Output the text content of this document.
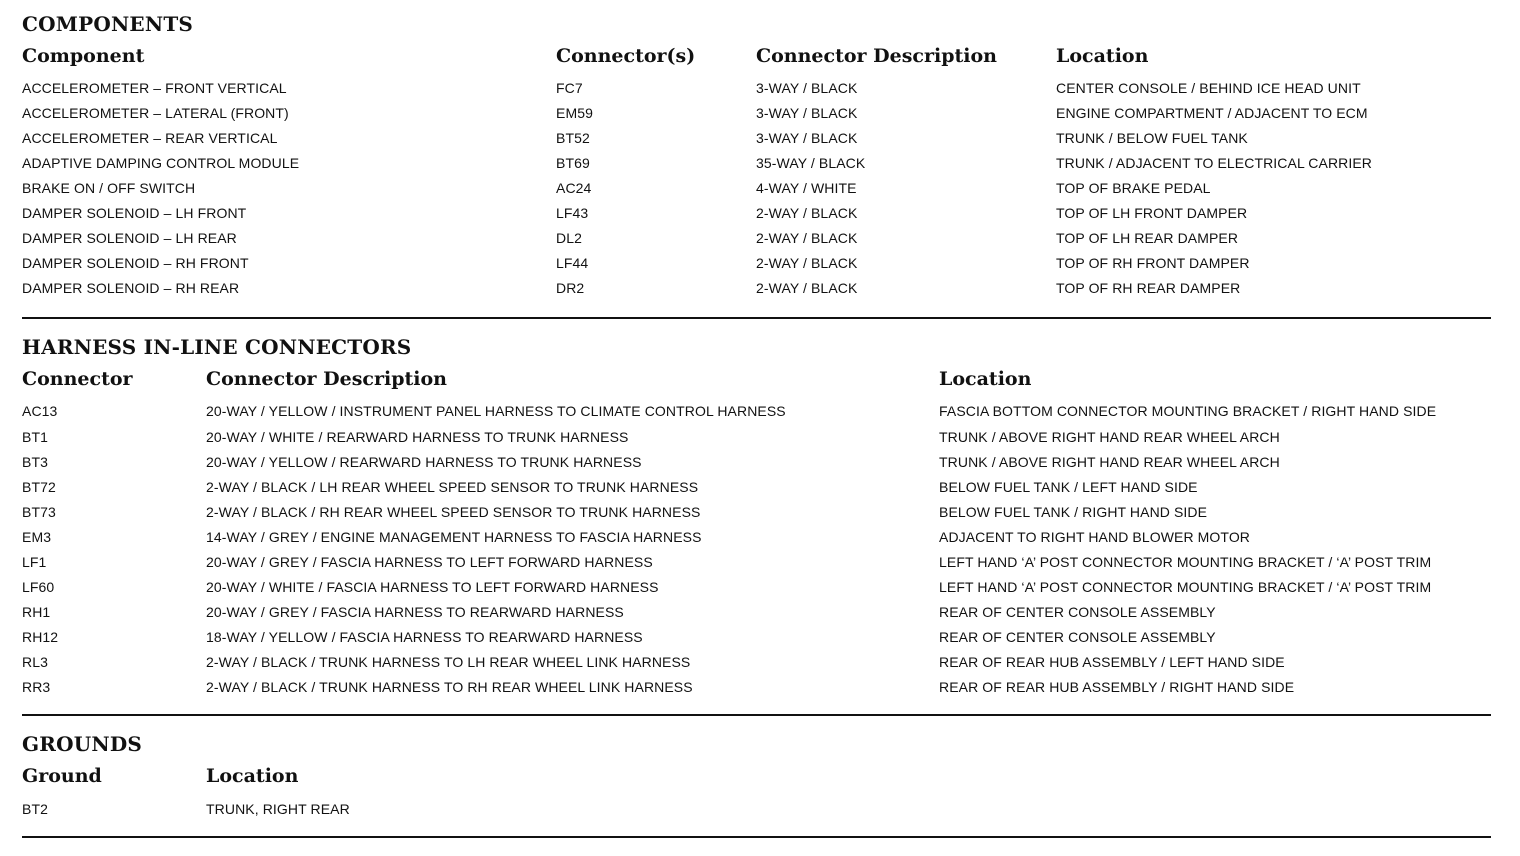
COMPONENTS
Component	Connector(s)	Connector Description	Location
ACCELEROMETER – FRONT VERTICAL	FC7	3-WAY / BLACK	CENTER CONSOLE / BEHIND ICE HEAD UNIT
ACCELEROMETER – LATERAL (FRONT)	EM59	3-WAY / BLACK	ENGINE COMPARTMENT / ADJACENT TO ECM
ACCELEROMETER – REAR VERTICAL	BT52	3-WAY / BLACK	TRUNK / BELOW FUEL TANK
ADAPTIVE DAMPING CONTROL MODULE	BT69	35-WAY / BLACK	TRUNK / ADJACENT TO ELECTRICAL CARRIER
BRAKE ON / OFF SWITCH	AC24	4-WAY / WHITE	TOP OF BRAKE PEDAL
DAMPER SOLENOID – LH FRONT	LF43	2-WAY / BLACK	TOP OF LH FRONT DAMPER
DAMPER SOLENOID – LH REAR	DL2	2-WAY / BLACK	TOP OF LH REAR DAMPER
DAMPER SOLENOID – RH FRONT	LF44	2-WAY / BLACK	TOP OF RH FRONT DAMPER
DAMPER SOLENOID – RH REAR	DR2	2-WAY / BLACK	TOP OF RH REAR DAMPER
HARNESS IN-LINE CONNECTORS
Connector	Connector Description	Location
AC13	20-WAY / YELLOW / INSTRUMENT PANEL HARNESS TO CLIMATE CONTROL HARNESS	FASCIA BOTTOM CONNECTOR MOUNTING BRACKET / RIGHT HAND SIDE
BT1	20-WAY / WHITE / REARWARD HARNESS TO TRUNK HARNESS	TRUNK / ABOVE RIGHT HAND REAR WHEEL ARCH
BT3	20-WAY / YELLOW / REARWARD HARNESS TO TRUNK HARNESS	TRUNK / ABOVE RIGHT HAND REAR WHEEL ARCH
BT72	2-WAY / BLACK / LH REAR WHEEL SPEED SENSOR TO TRUNK HARNESS	BELOW FUEL TANK / LEFT HAND SIDE
BT73	2-WAY / BLACK / RH REAR WHEEL SPEED SENSOR TO TRUNK HARNESS	BELOW FUEL TANK / RIGHT HAND SIDE
EM3	14-WAY / GREY / ENGINE MANAGEMENT HARNESS TO FASCIA HARNESS	ADJACENT TO RIGHT HAND BLOWER MOTOR
LF1	20-WAY / GREY / FASCIA HARNESS TO LEFT FORWARD HARNESS	LEFT HAND ‘A’ POST CONNECTOR MOUNTING BRACKET / ‘A’ POST TRIM
LF60	20-WAY / WHITE / FASCIA HARNESS TO LEFT FORWARD HARNESS	LEFT HAND ‘A’ POST CONNECTOR MOUNTING BRACKET / ‘A’ POST TRIM
RH1	20-WAY / GREY / FASCIA HARNESS TO REARWARD HARNESS	REAR OF CENTER CONSOLE ASSEMBLY
RH12	18-WAY / YELLOW / FASCIA HARNESS TO REARWARD HARNESS	REAR OF CENTER CONSOLE ASSEMBLY
RL3	2-WAY / BLACK / TRUNK HARNESS TO LH REAR WHEEL LINK HARNESS	REAR OF REAR HUB ASSEMBLY / LEFT HAND SIDE
RR3	2-WAY / BLACK / TRUNK HARNESS TO RH REAR WHEEL LINK HARNESS	REAR OF REAR HUB ASSEMBLY / RIGHT HAND SIDE
GROUNDS
Ground	Location
BT2	TRUNK, RIGHT REAR
